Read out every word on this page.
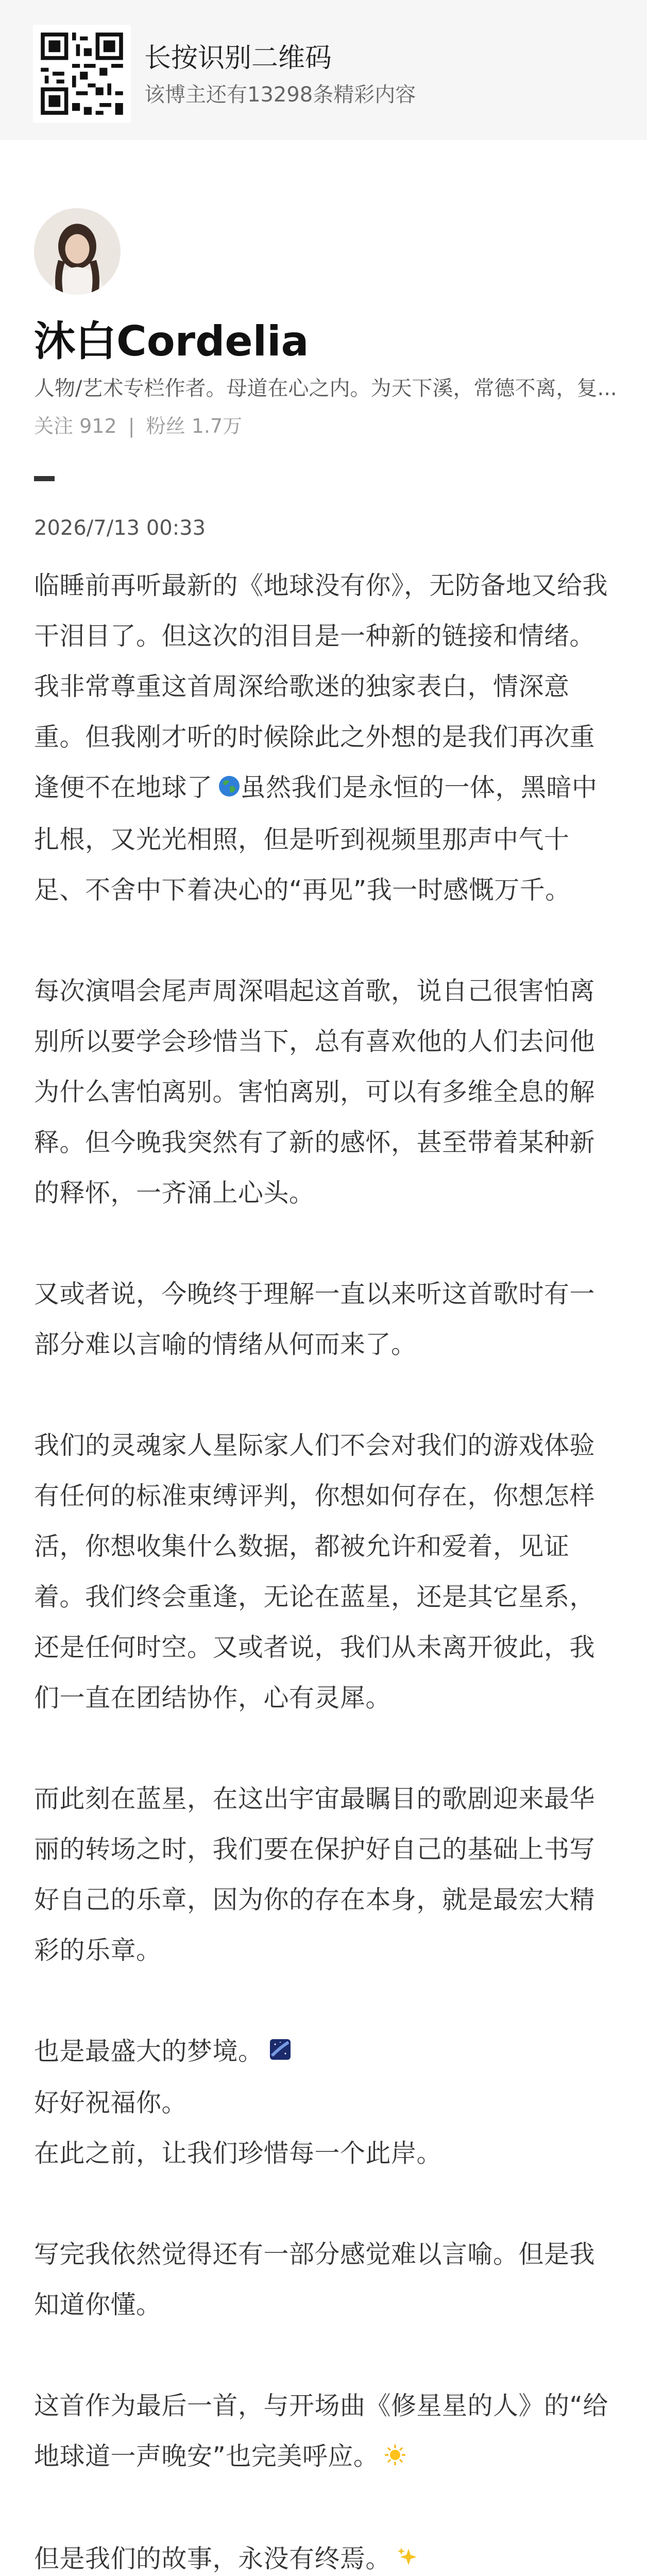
长按识别二维码
该博主还有13298条精彩内容
沐白Cordelia
人物/艺术专栏作者。母道在心之内。为天下溪，常德不离，复...
关注 912 | 粉丝 1.7万
2026/7/13 00:33

临睡前再听最新的《地球没有你》，无防备地又给我干泪目了。但这次的泪目是一种新的链接和情绪。我非常尊重这首周深给歌迷的独家表白，情深意重。但我刚才听的时候除此之外想的是我们再次重逢便不在地球了 虽然我们是永恒的一体，黑暗中扎根，又光光相照，但是听到视频里那声中气十足、不舍中下着决心的“再见”我一时感慨万千。

每次演唱会尾声周深唱起这首歌，说自己很害怕离别所以要学会珍惜当下，总有喜欢他的人们去问他为什么害怕离别。害怕离别，可以有多维全息的解释。但今晚我突然有了新的感怀，甚至带着某种新的释怀，一齐涌上心头。

又或者说，今晚终于理解一直以来听这首歌时有一部分难以言喻的情绪从何而来了。

我们的灵魂家人星际家人们不会对我们的游戏体验有任何的标准束缚评判，你想如何存在，你想怎样活，你想收集什么数据，都被允许和爱着，见证着。我们终会重逢，无论在蓝星，还是其它星系，还是任何时空。又或者说，我们从未离开彼此，我们一直在团结协作，心有灵犀。

而此刻在蓝星，在这出宇宙最瞩目的歌剧迎来最华丽的转场之时，我们要在保护好自己的基础上书写好自己的乐章，因为你的存在本身，就是最宏大精彩的乐章。

也是最盛大的梦境。

好好祝福你。

在此之前，让我们珍惜每一个此岸。

写完我依然觉得还有一部分感觉难以言喻。但是我知道你懂。

这首作为最后一首，与开场曲《修星星的人》的“给地球道一声晚安”也完美呼应。

但是我们的故事，永没有终焉。
